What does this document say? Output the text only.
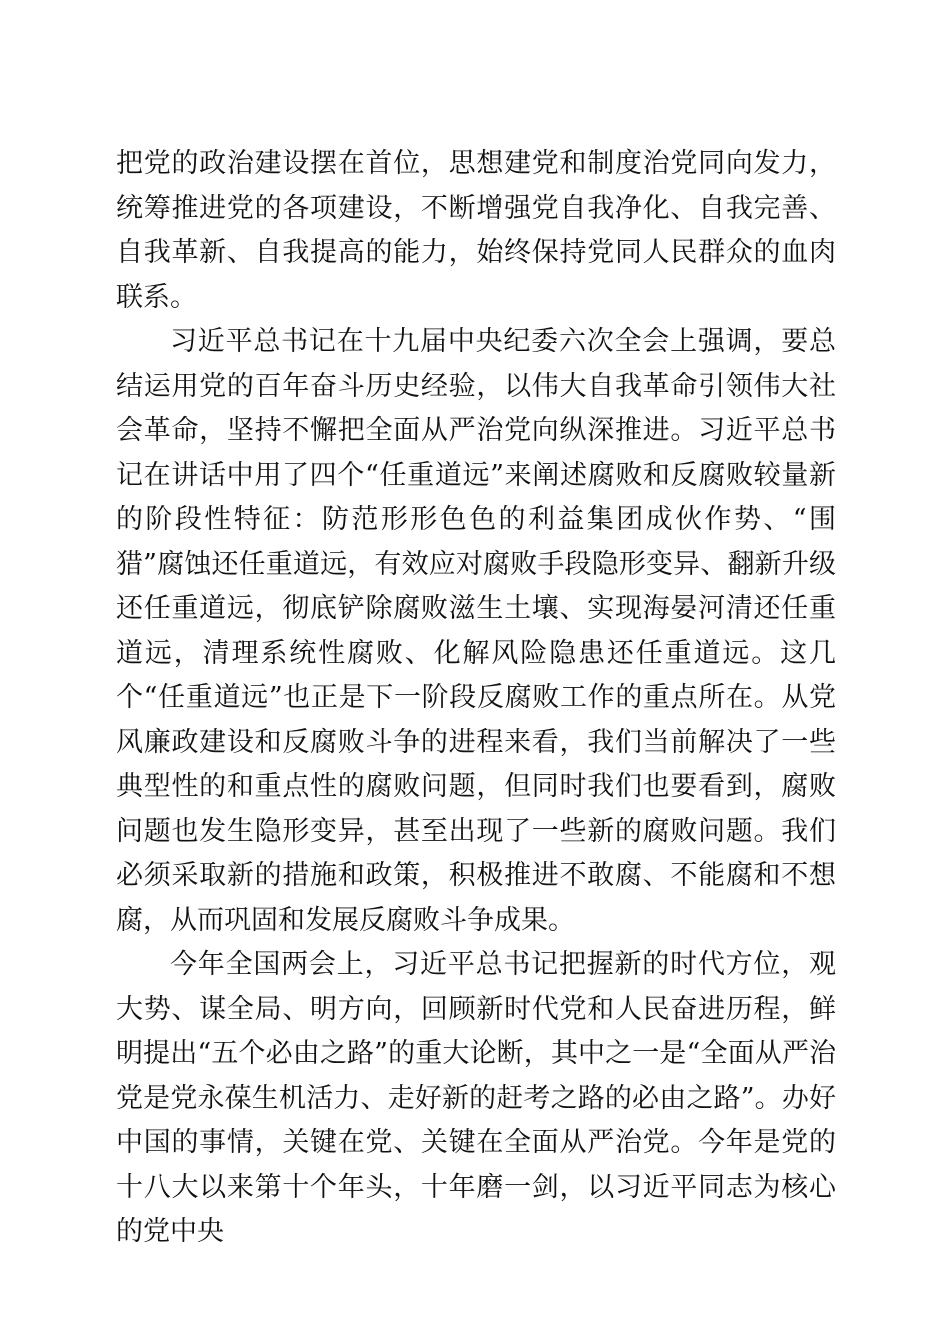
把党的政治建设摆在首位，思想建党和制度治党同向发力，统筹推进党的各项建设，不断增强党自我净化、自我完善、自我革新、自我提高的能力，始终保持党同人民群众的血肉联系。

习近平总书记在十九届中央纪委六次全会上强调，要总结运用党的百年奋斗历史经验，以伟大自我革命引领伟大社会革命，坚持不懈把全面从严治党向纵深推进。习近平总书记在讲话中用了四个“任重道远”来阐述腐败和反腐败较量新的阶段性特征：防范形形色色的利益集团成伙作势、“围猎”腐蚀还任重道远，有效应对腐败手段隐形变异、翻新升级还任重道远，彻底铲除腐败滋生土壤、实现海晏河清还任重道远，清理系统性腐败、化解风险隐患还任重道远。这几个“任重道远”也正是下一阶段反腐败工作的重点所在。从党风廉政建设和反腐败斗争的进程来看，我们当前解决了一些典型性的和重点性的腐败问题，但同时我们也要看到，腐败问题也发生隐形变异，甚至出现了一些新的腐败问题。我们必须采取新的措施和政策，积极推进不敢腐、不能腐和不想腐，从而巩固和发展反腐败斗争成果。

今年全国两会上，习近平总书记把握新的时代方位，观大势、谋全局、明方向，回顾新时代党和人民奋进历程，鲜明提出“五个必由之路”的重大论断，其中之一是“全面从严治党是党永葆生机活力、走好新的赶考之路的必由之路”。办好中国的事情，关键在党、关键在全面从严治党。今年是党的十八大以来第十个年头，十年磨一剑，以习近平同志为核心的党中央
